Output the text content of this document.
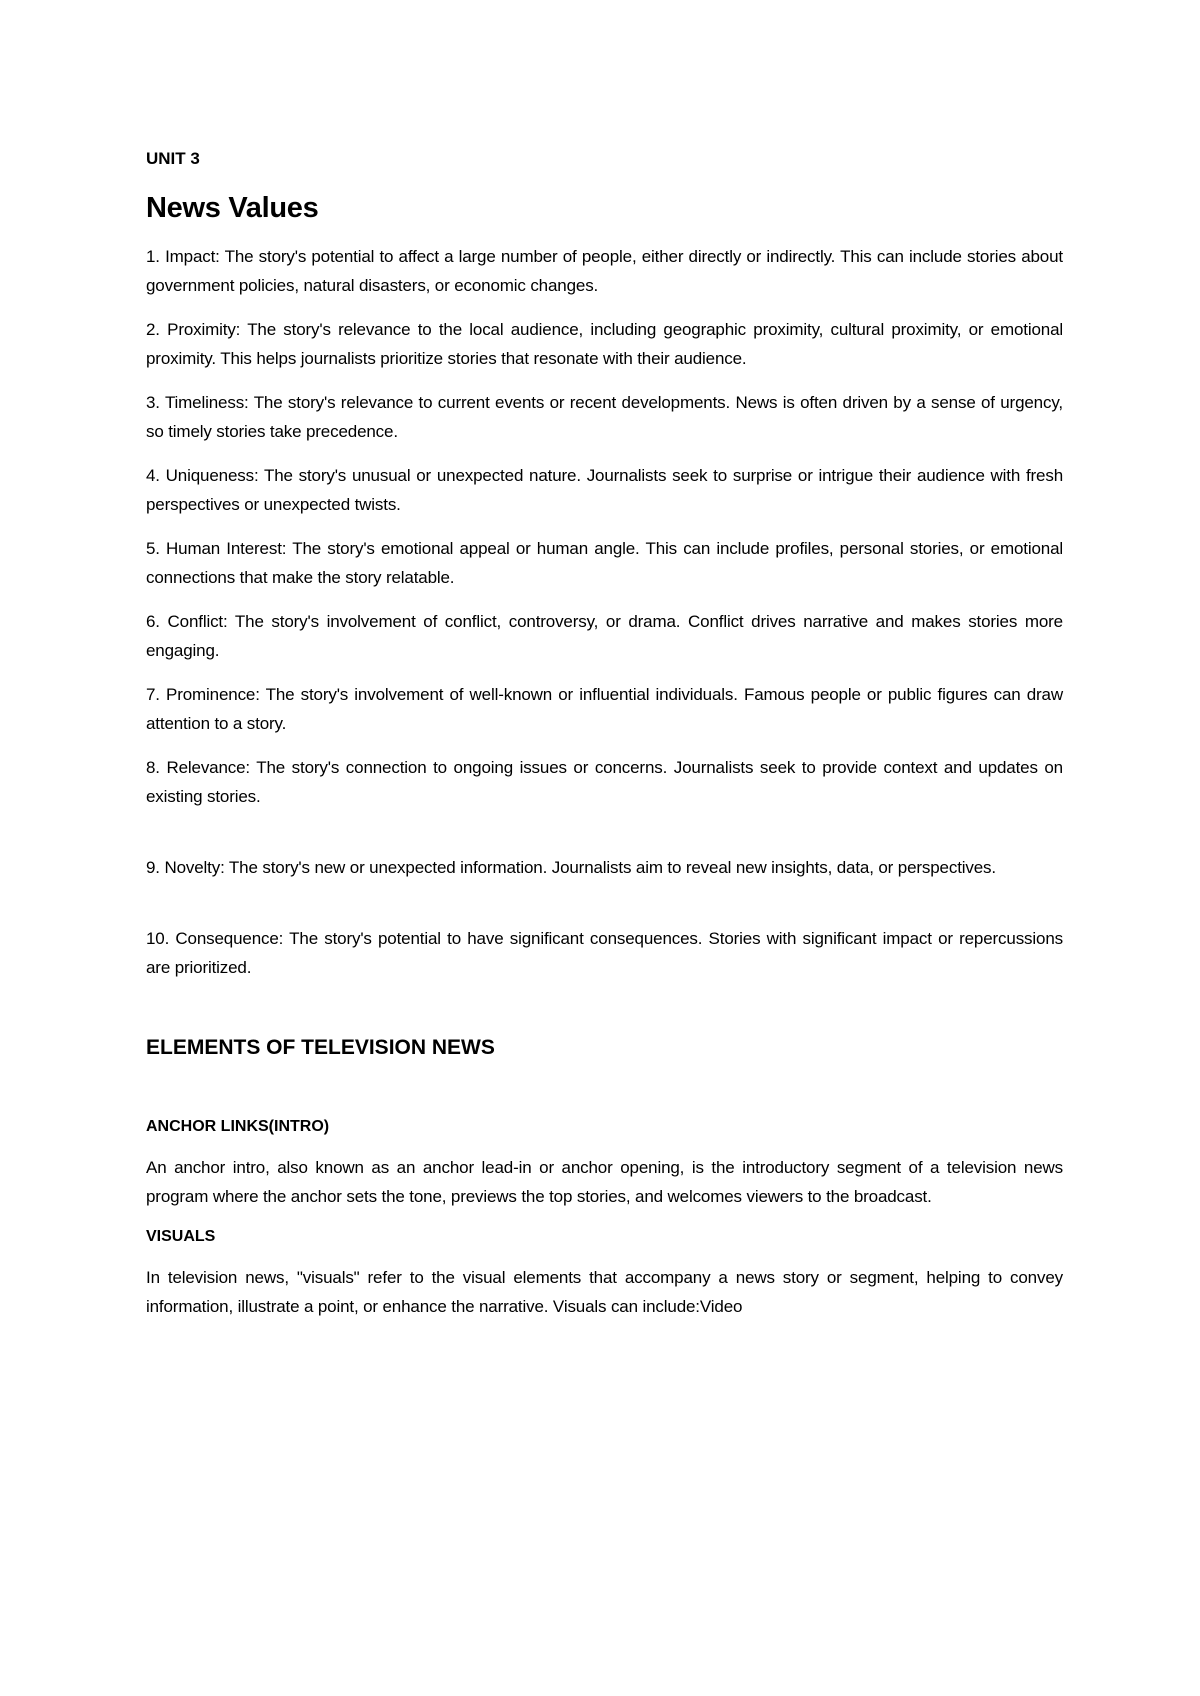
UNIT 3
News Values

1. Impact: The story's potential to affect a large number of people, either directly or indirectly. This can include stories about government policies, natural disasters, or economic changes.

2. Proximity: The story's relevance to the local audience, including geographic proximity, cultural proximity, or emotional proximity. This helps journalists prioritize stories that resonate with their audience.

3. Timeliness: The story's relevance to current events or recent developments. News is often driven by a sense of urgency, so timely stories take precedence.

4. Uniqueness: The story's unusual or unexpected nature. Journalists seek to surprise or intrigue their audience with fresh perspectives or unexpected twists.

5. Human Interest: The story's emotional appeal or human angle. This can include profiles, personal stories, or emotional connections that make the story relatable.

6. Conflict: The story's involvement of conflict, controversy, or drama. Conflict drives narrative and makes stories more engaging.

7. Prominence: The story's involvement of well-known or influential individuals. Famous people or public figures can draw attention to a story.

8. Relevance: The story's connection to ongoing issues or concerns. Journalists seek to provide context and updates on existing stories.

9. Novelty: The story's new or unexpected information. Journalists aim to reveal new insights, data, or perspectives.

10. Consequence: The story's potential to have significant consequences. Stories with significant impact or repercussions are prioritized.

ELEMENTS OF TELEVISION NEWS
ANCHOR LINKS(INTRO)

An anchor intro, also known as an anchor lead-in or anchor opening, is the introductory segment of a television news program where the anchor sets the tone, previews the top stories, and welcomes viewers to the broadcast.

VISUALS

In television news, "visuals" refer to the visual elements that accompany a news story or segment, helping to convey information, illustrate a point, or enhance the narrative. Visuals can include:Video
